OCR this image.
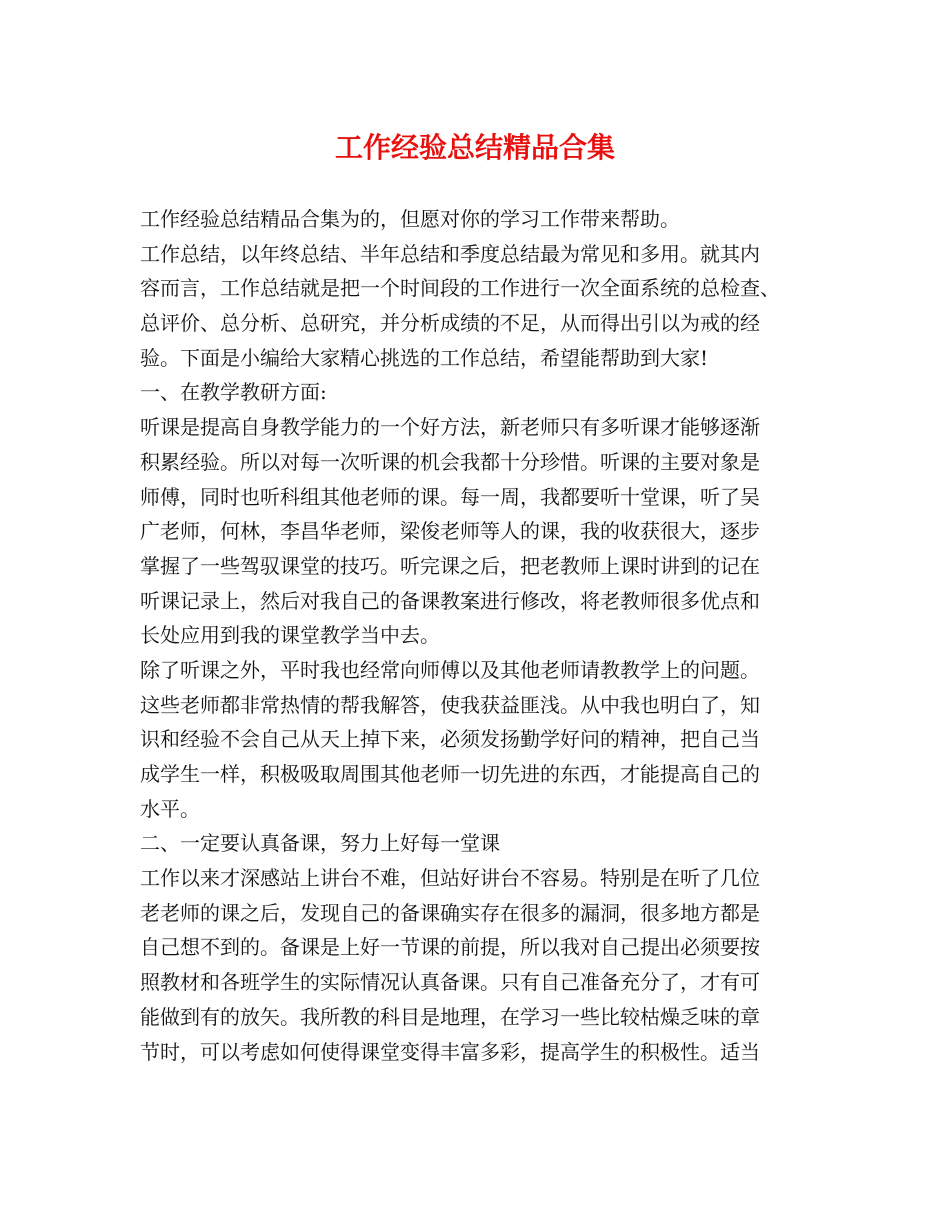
工作经验总结精品合集
工作经验总结精品合集为的，但愿对你的学习工作带来帮助。
工作总结，以年终总结、半年总结和季度总结最为常见和多用。就其内
容而言，工作总结就是把一个时间段的工作进行一次全面系统的总检查、
总评价、总分析、总研究，并分析成绩的不足，从而得出引以为戒的经
验。下面是小编给大家精心挑选的工作总结，希望能帮助到大家!
一、在教学教研方面:
听课是提高自身教学能力的一个好方法，新老师只有多听课才能够逐渐
积累经验。所以对每一次听课的机会我都十分珍惜。听课的主要对象是
师傅，同时也听科组其他老师的课。每一周，我都要听十堂课，听了吴
广老师，何林，李昌华老师，梁俊老师等人的课，我的收获很大，逐步
掌握了一些驾驭课堂的技巧。听完课之后，把老教师上课时讲到的记在
听课记录上，然后对我自己的备课教案进行修改，将老教师很多优点和
长处应用到我的课堂教学当中去。
除了听课之外，平时我也经常向师傅以及其他老师请教教学上的问题。
这些老师都非常热情的帮我解答，使我获益匪浅。从中我也明白了，知
识和经验不会自己从天上掉下来，必须发扬勤学好问的精神，把自己当
成学生一样，积极吸取周围其他老师一切先进的东西，才能提高自己的
水平。
二、一定要认真备课，努力上好每一堂课
工作以来才深感站上讲台不难，但站好讲台不容易。特别是在听了几位
老老师的课之后，发现自己的备课确实存在很多的漏洞，很多地方都是
自己想不到的。备课是上好一节课的前提，所以我对自己提出必须要按
照教材和各班学生的实际情况认真备课。只有自己准备充分了，才有可
能做到有的放矢。我所教的科目是地理，在学习一些比较枯燥乏味的章
节时，可以考虑如何使得课堂变得丰富多彩，提高学生的积极性。适当
